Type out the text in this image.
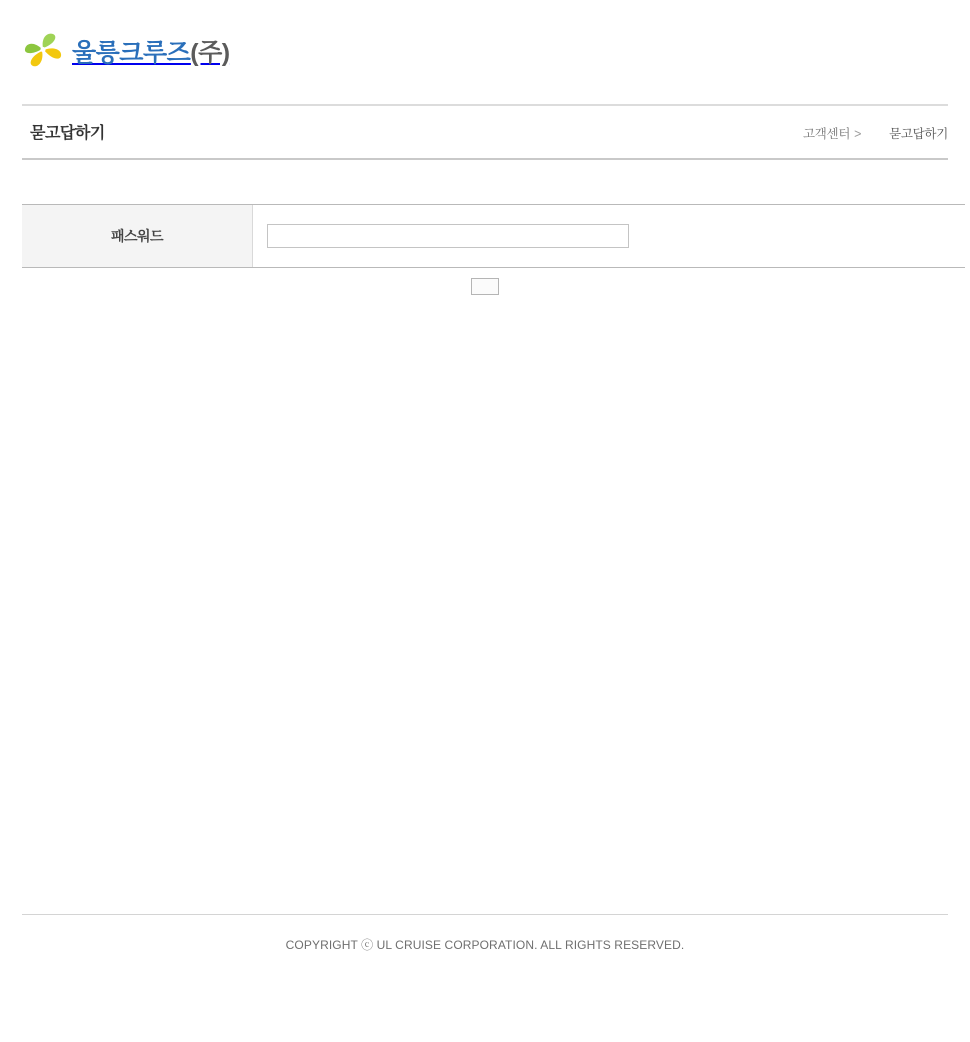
울릉크루즈(주)
묻고답하기	고객센터 > 묻고답하기
패스워드
COPYRIGHT ⓒ UL CRUISE CORPORATION. ALL RIGHTS RESERVED.
